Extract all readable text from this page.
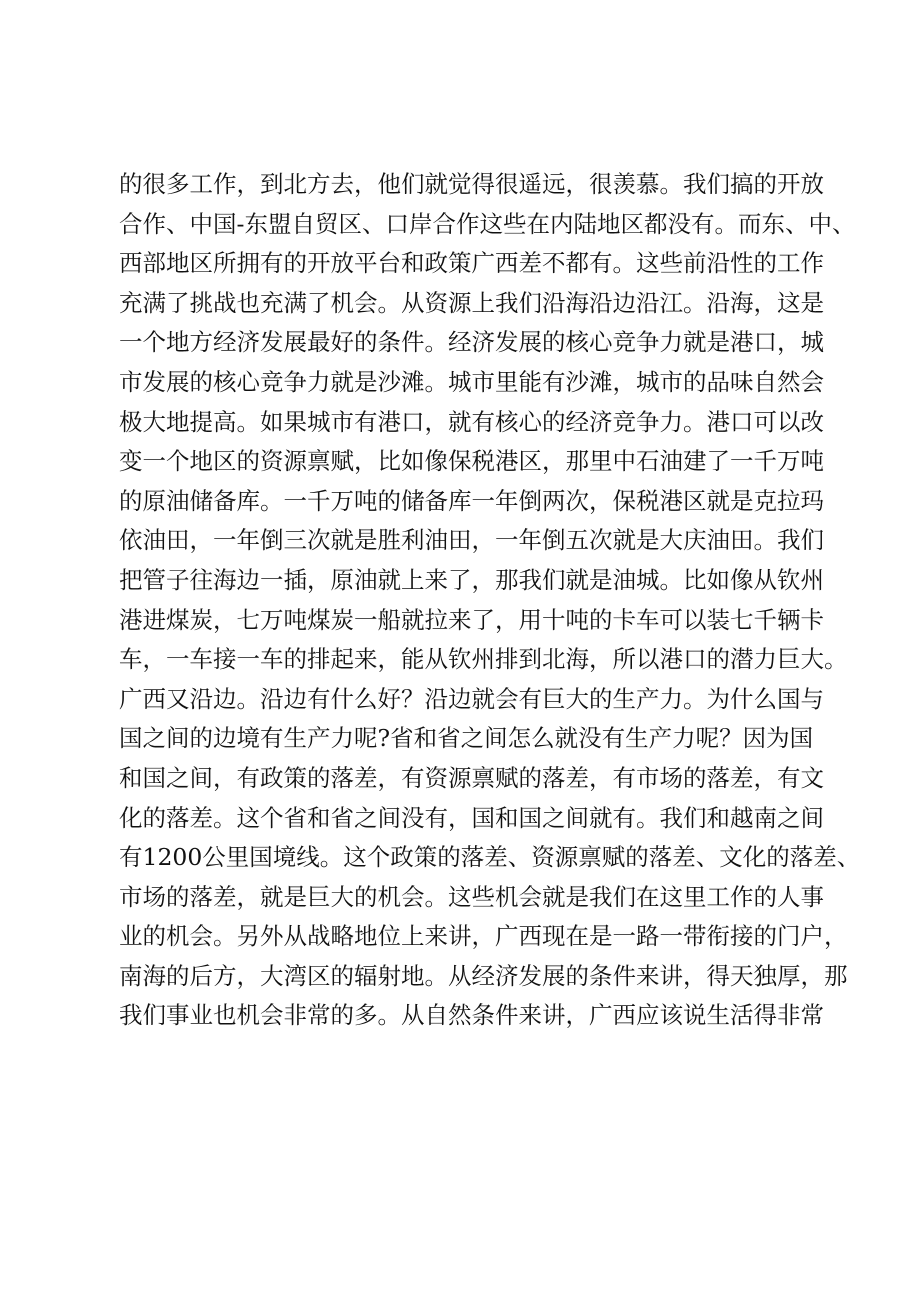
的很多工作，到北方去，他们就觉得很遥远，很羡慕。我们搞的开放
合作、中国-东盟自贸区、口岸合作这些在内陆地区都没有。而东、中、
西部地区所拥有的开放平台和政策广西差不都有。这些前沿性的工作
充满了挑战也充满了机会。从资源上我们沿海沿边沿江。沿海，这是
一个地方经济发展最好的条件。经济发展的核心竞争力就是港口，城
市发展的核心竞争力就是沙滩。城市里能有沙滩，城市的品味自然会
极大地提高。如果城市有港口，就有核心的经济竞争力。港口可以改
变一个地区的资源禀赋，比如像保税港区，那里中石油建了一千万吨
的原油储备库。一千万吨的储备库一年倒两次，保税港区就是克拉玛
依油田，一年倒三次就是胜利油田，一年倒五次就是大庆油田。我们
把管子往海边一插，原油就上来了，那我们就是油城。比如像从钦州
港进煤炭，七万吨煤炭一船就拉来了，用十吨的卡车可以装七千辆卡
车，一车接一车的排起来，能从钦州排到北海，所以港口的潜力巨大。
广西又沿边。沿边有什么好？沿边就会有巨大的生产力。为什么国与
国之间的边境有生产力呢?省和省之间怎么就没有生产力呢？因为国
和国之间，有政策的落差，有资源禀赋的落差，有市场的落差，有文
化的落差。这个省和省之间没有，国和国之间就有。我们和越南之间
有1200公里国境线。这个政策的落差、资源禀赋的落差、文化的落差、
市场的落差，就是巨大的机会。这些机会就是我们在这里工作的人事
业的机会。另外从战略地位上来讲，广西现在是一路一带衔接的门户，
南海的后方，大湾区的辐射地。从经济发展的条件来讲，得天独厚，那
我们事业也机会非常的多。从自然条件来讲，广西应该说生活得非常
